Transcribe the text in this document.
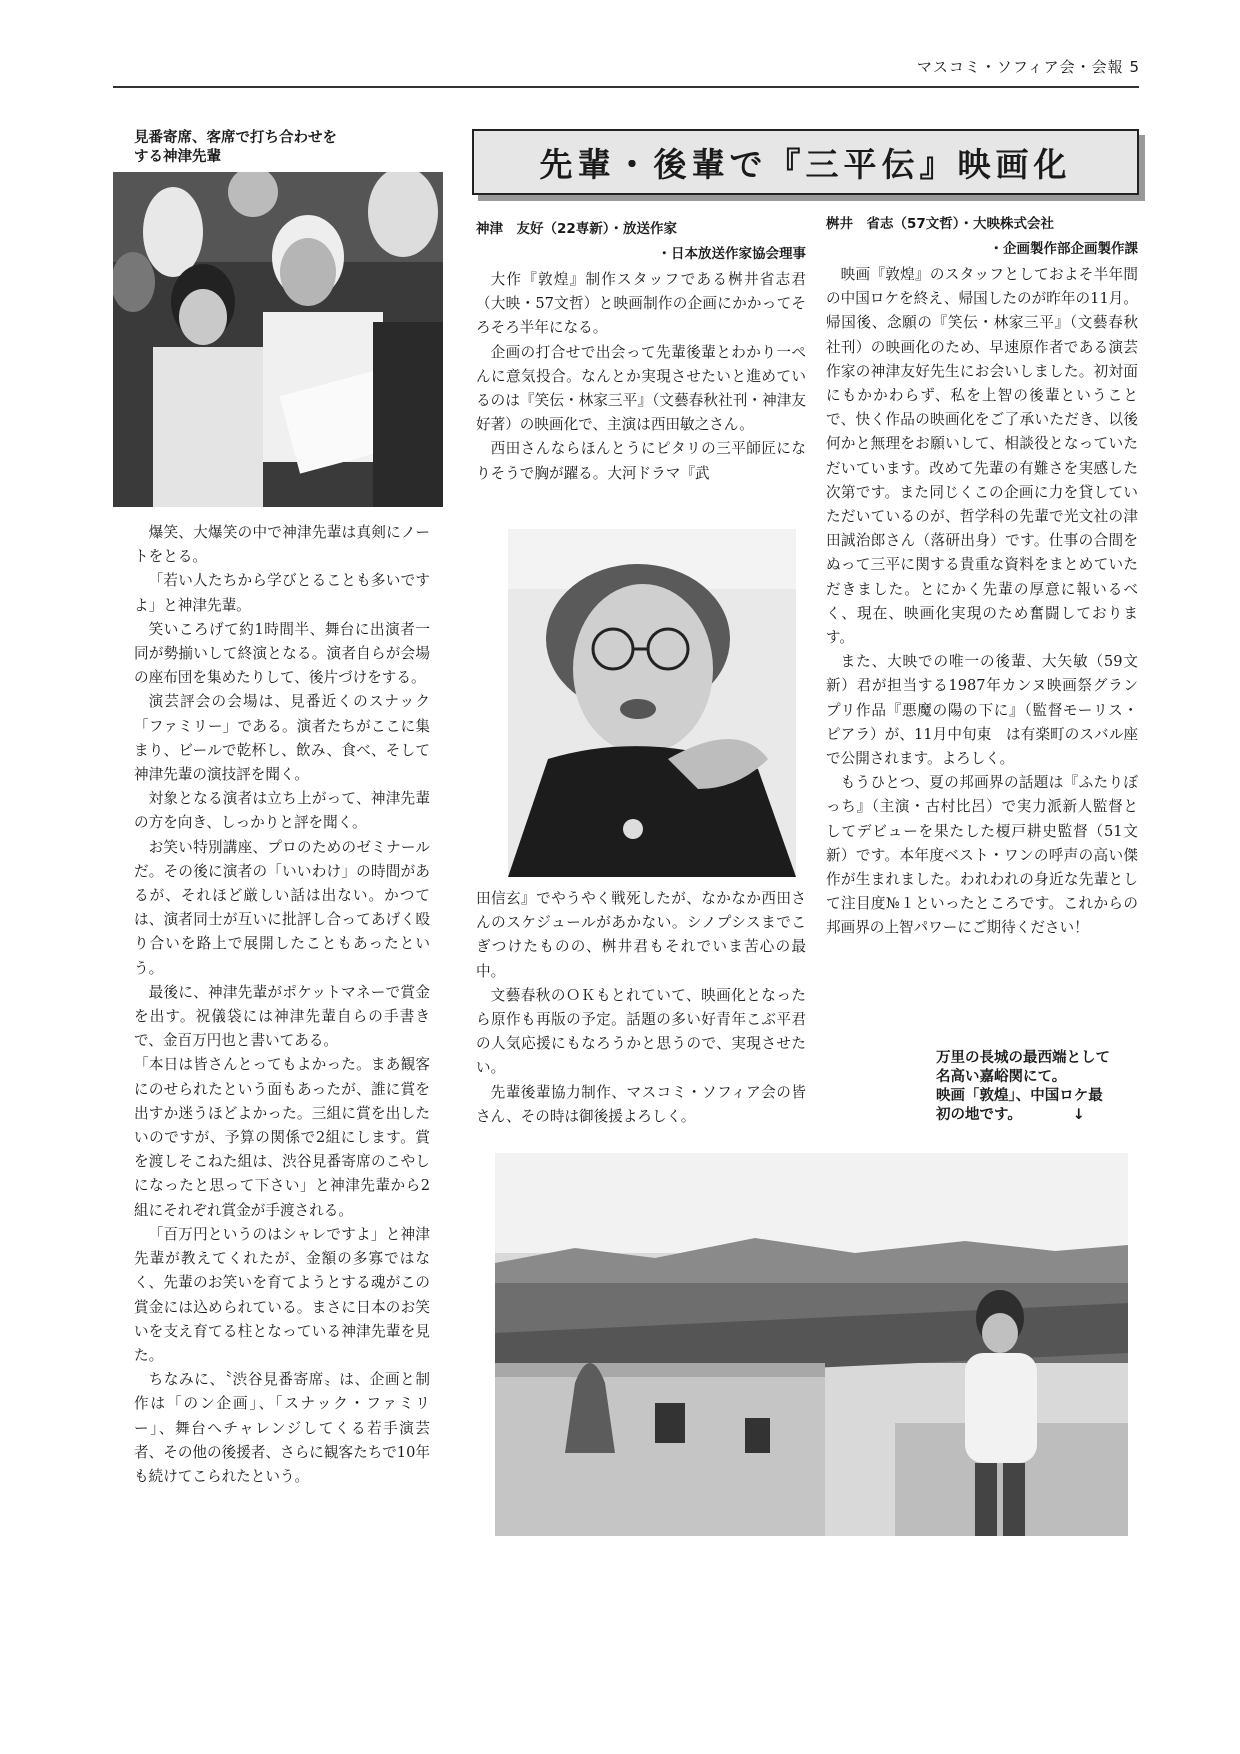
マスコミ・ソフィア会・会報 5
見番寄席、客席で打ち合わせを
する神津先輩

爆笑、大爆笑の中で神津先輩は真剣にノートをとる。

「若い人たちから学びとることも多いですよ」と神津先輩。

笑いころげて約1時間半、舞台に出演者一同が勢揃いして終演となる。演者自らが会場の座布団を集めたりして、後片づけをする。

演芸評会の会場は、見番近くのスナック「ファミリー」である。演者たちがここに集まり、ビールで乾杯し、飲み、食べ、そして神津先輩の演技評を聞く。

対象となる演者は立ち上がって、神津先輩の方を向き、しっかりと評を聞く。

お笑い特別講座、プロのためのゼミナールだ。その後に演者の「いいわけ」の時間があるが、それほど厳しい話は出ない。かつては、演者同士が互いに批評し合ってあげく殴り合いを路上で展開したこともあったという。

最後に、神津先輩がポケットマネーで賞金を出す。祝儀袋には神津先輩自らの手書きで、金百万円也と書いてある。

「本日は皆さんとってもよかった。まあ観客にのせられたという面もあったが、誰に賞を出すか迷うほどよかった。三組に賞を出したいのですが、予算の関係で2組にします。賞を渡しそこねた組は、渋谷見番寄席のこやしになったと思って下さい」と神津先輩から2組にそれぞれ賞金が手渡される。

「百万円というのはシャレですよ」と神津先輩が教えてくれたが、金額の多寡ではなく、先輩のお笑いを育てようとする魂がこの賞金には込められている。まさに日本のお笑いを支え育てる柱となっている神津先輩を見た。

ちなみに、〝渋谷見番寄席〟は、企画と制作は「のン企画」、「スナック・ファミリー」、舞台へチャレンジしてくる若手演芸者、その他の後援者、さらに観客たちで10年も続けてこられたという。

先輩・後輩で『三平伝』映画化
神津　友好（22専新）・放送作家
・日本放送作家協会理事

大作『敦煌』制作スタッフである桝井省志君（大映・57文哲）と映画制作の企画にかかってそろそろ半年になる。

企画の打合せで出会って先輩後輩とわかり一ぺんに意気投合。なんとか実現させたいと進めているのは『笑伝・林家三平』（文藝春秋社刊・神津友好著）の映画化で、主演は西田敏之さん。

西田さんならほんとうにピタリの三平師匠になりそうで胸が躍る。大河ドラマ『武

田信玄』でやうやく戦死したが、なかなか西田さんのスケジュールがあかない。シノプシスまでこぎつけたものの、桝井君もそれでいま苦心の最中。

文藝春秋のＯＫもとれていて、映画化となったら原作も再版の予定。話題の多い好青年こぶ平君の人気応援にもなろうかと思うので、実現させたい。

先輩後輩協力制作、マスコミ・ソフィア会の皆さん、その時は御後援よろしく。

桝井　省志（57文哲）・大映株式会社
・企画製作部企画製作課

映画『敦煌』のスタッフとしておよそ半年間の中国ロケを終え、帰国したのが昨年の11月。帰国後、念願の『笑伝・林家三平』（文藝春秋社刊）の映画化のため、早速原作者である演芸作家の神津友好先生にお会いしました。初対面にもかかわらず、私を上智の後輩ということで、快く作品の映画化をご了承いただき、以後何かと無理をお願いして、相談役となっていただいています。改めて先輩の有難さを実感した次第です。また同じくこの企画に力を貸していただいているのが、哲学科の先輩で光文社の津田誠治郎さん（落研出身）です。仕事の合間をぬって三平に関する貴重な資料をまとめていただきました。とにかく先輩の厚意に報いるべく、現在、映画化実現のため奮闘しております。

また、大映での唯一の後輩、大矢敏（59文新）君が担当する1987年カンヌ映画祭グランプリ作品『悪魔の陽の下に』（監督モーリス・ピアラ）が、11月中旬東　は有楽町のスバル座で公開されます。よろしく。

もうひとつ、夏の邦画界の話題は『ふたりぼっち』（主演・古村比呂）で実力派新人監督としてデビューを果たした榎戸耕史監督（51文新）です。本年度ベスト・ワンの呼声の高い傑作が生まれました。われわれの身近な先輩として注目度№１といったところです。これからの邦画界の上智パワーにご期待ください！

万里の長城の最西端として
名高い嘉峪関にて。
映画「敦煌」、中国ロケ最
初の地です。　　　　↓
